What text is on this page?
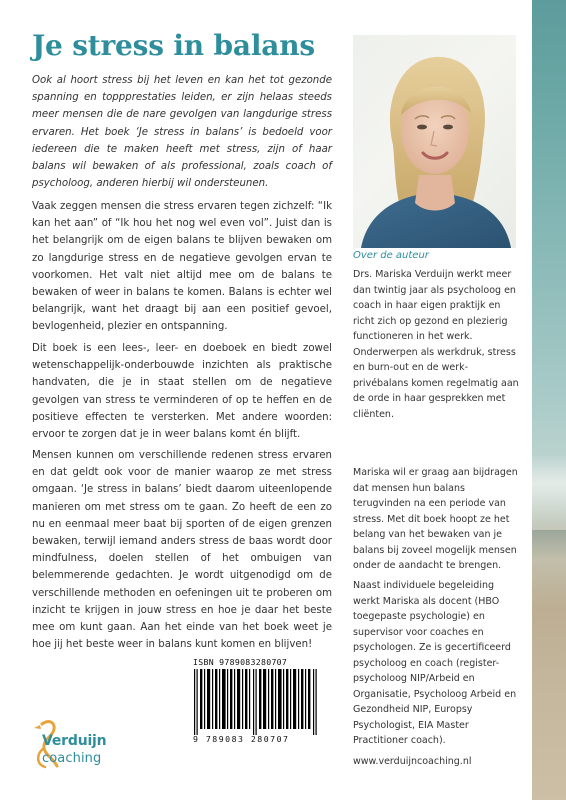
Je stress in balans

Ook al hoort stress bij het leven en kan het tot gezonde spanning en toppprestaties leiden, er zijn helaas steeds meer mensen die de nare gevolgen van langdurige stress ervaren. Het boek ‘Je stress in balans’ is bedoeld voor iedereen die te maken heeft met stress, zijn of haar balans wil bewaken of als professional, zoals coach of psycholoog, anderen hierbij wil ondersteunen.

Vaak zeggen mensen die stress ervaren tegen zichzelf: “Ik kan het aan” of “Ik hou het nog wel even vol”. Juist dan is het belangrijk om de eigen balans te blijven bewaken om zo langdurige stress en de negatieve gevolgen ervan te voorkomen. Het valt niet altijd mee om de balans te bewaken of weer in balans te komen. Balans is echter wel belangrijk, want het draagt bij aan een positief gevoel, bevlogenheid, plezier en ontspanning.

Dit boek is een lees-, leer- en doeboek en biedt zowel wetenschappelijk-onderbouwde inzichten als praktische handvaten, die je in staat stellen om de negatieve gevolgen van stress te verminderen of op te heffen en de positieve effecten te versterken. Met andere woorden: ervoor te zorgen dat je in weer balans komt én blijft.

Mensen kunnen om verschillende redenen stress ervaren en dat geldt ook voor de manier waarop ze met stress omgaan. ‘Je stress in balans’ biedt daarom uiteenlopende manieren om met stress om te gaan. Zo heeft de een zo nu en eenmaal meer baat bij sporten of de eigen grenzen bewaken, terwijl iemand anders stress de baas wordt door mindfulness, doelen stellen of het ombuigen van belemmerende gedachten. Je wordt uitgenodigd om de verschillende methoden en oefeningen uit te proberen om inzicht te krijgen in jouw stress en hoe je daar het beste mee om kunt gaan. Aan het einde van het boek weet je hoe jij het beste weer in balans kunt komen en blijven!

Over de auteur

Drs. Mariska Verduijn werkt meer dan twintig jaar als psycholoog en coach in haar eigen praktijk en richt zich op gezond en plezierig functioneren in het werk. Onderwerpen als werkdruk, stress en burn-out en de werk-privébalans komen regelmatig aan de orde in haar gesprekken met cliënten.

Mariska wil er graag aan bijdragen dat mensen hun balans terugvinden na een periode van stress. Met dit boek hoopt ze het belang van het bewaken van je balans bij zoveel mogelijk mensen onder de aandacht te brengen.

Naast individuele begeleiding werkt Mariska als docent (HBO toegepaste psychologie) en supervisor voor coaches en psychologen. Ze is gecertificeerd psycholoog en coach (register-psycholoog NIP/Arbeid en Organisatie, Psycholoog Arbeid en Gezondheid NIP, Europsy Psychologist, EIA Master Practitioner coach).

www.verduijncoaching.nl
ISBN 9789083280707
9 789083 280707
Verduijn
coaching
